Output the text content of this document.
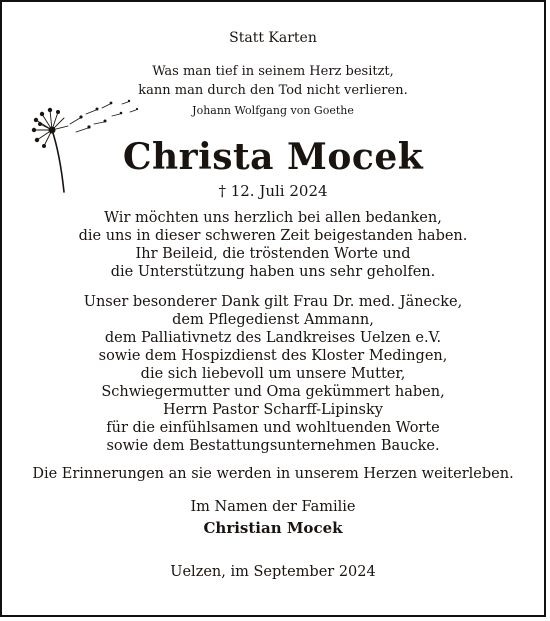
Statt Karten
Was man tief in seinem Herz besitzt,
kann man durch den Tod nicht verlieren.
Johann Wolfgang von Goethe
Christa Mocek
† 12. Juli 2024
Wir möchten uns herzlich bei allen bedanken,
die uns in dieser schweren Zeit beigestanden haben.
Ihr Beileid, die tröstenden Worte und
die Unterstützung haben uns sehr geholfen.
Unser besonderer Dank gilt Frau Dr. med. Jänecke,
dem Pflegedienst Ammann,
dem Palliativnetz des Landkreises Uelzen e.V.
sowie dem Hospizdienst des Kloster Medingen,
die sich liebevoll um unsere Mutter,
Schwiegermutter und Oma gekümmert haben,
Herrn Pastor Scharff-Lipinsky
für die einfühlsamen und wohltuenden Worte
sowie dem Bestattungsunternehmen Baucke.
Die Erinnerungen an sie werden in unserem Herzen weiterleben.
Im Namen der Familie
Christian Mocek
Uelzen, im September 2024
